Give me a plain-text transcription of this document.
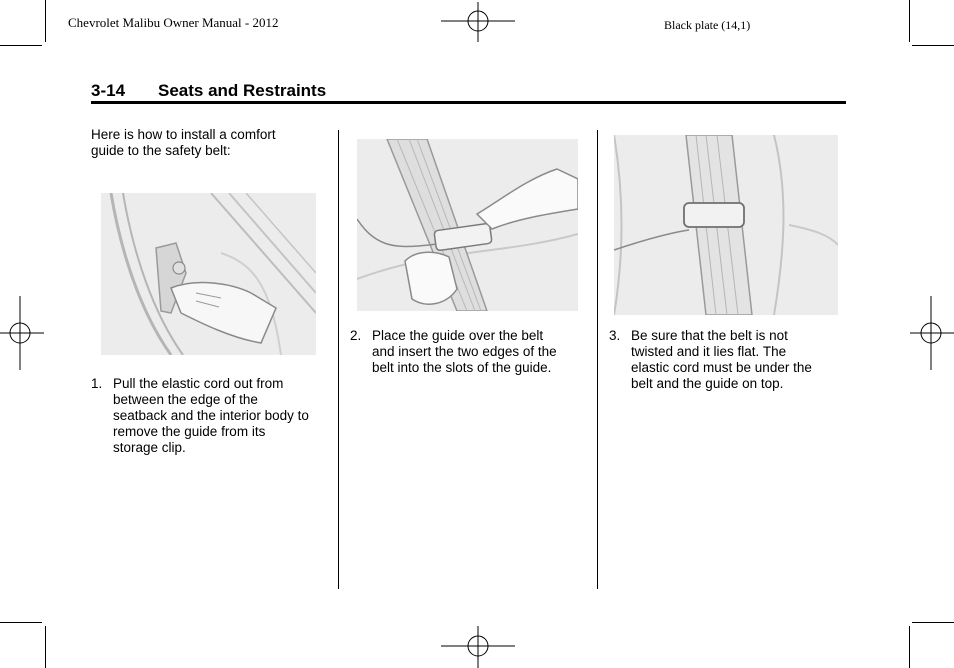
Chevrolet Malibu Owner Manual - 2012	Black plate (14,1)
3-14 Seats and Restraints
Here is how to install a comfort
guide to the safety belt:
1. Pull the elastic cord out from
between the edge of the
seatback and the interior body to
remove the guide from its
storage clip.
2. Place the guide over the belt
and insert the two edges of the
belt into the slots of the guide.
3. Be sure that the belt is not
twisted and it lies flat. The
elastic cord must be under the
belt and the guide on top.
